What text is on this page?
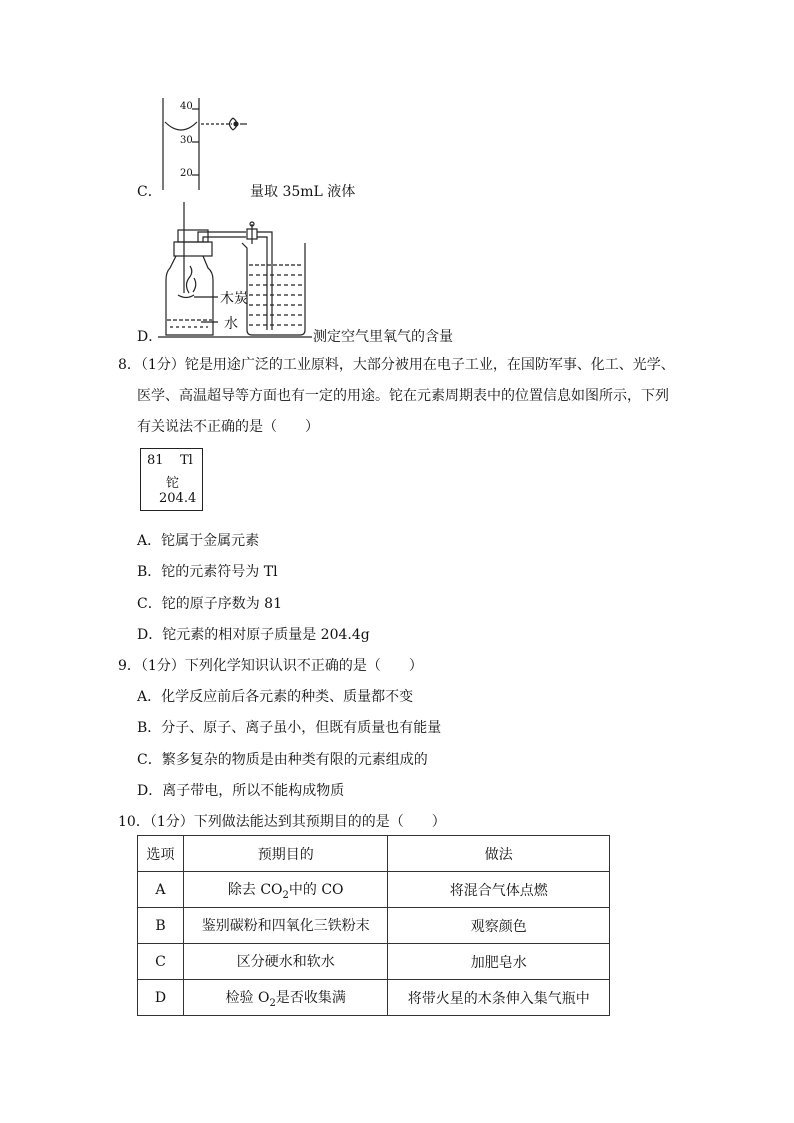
40
30
20
C．	量取 35mL 液体
木炭
水
D．	测定空气里氧气的含量
8．（1分）铊是用途广泛的工业原料，大部分被用在电子工业，在国防军事、化工、光学、
医学、高温超导等方面也有一定的用途。铊在元素周期表中的位置信息如图所示，下列
有关说法不正确的是（　　）
81 Tl
铊
204.4
A．铊属于金属元素
B．铊的元素符号为 Tl
C．铊的原子序数为 81
D．铊元素的相对原子质量是 204.4g
9．（1分）下列化学知识认识不正确的是（　　）
A．化学反应前后各元素的种类、质量都不变
B．分子、原子、离子虽小，但既有质量也有能量
C．繁多复杂的物质是由种类有限的元素组成的
D．离子带电，所以不能构成物质
10．（1分）下列做法能达到其预期目的的是（　　）
选项	预期目的	做法
A	除去 $CO_2$中的 CO	将混合气体点燃
B	鉴别碳粉和四氧化三铁粉末	观察颜色
C	区分硬水和软水	加肥皂水
D	检验 $O_2$是否收集满	将带火星的木条伸入集气瓶中
